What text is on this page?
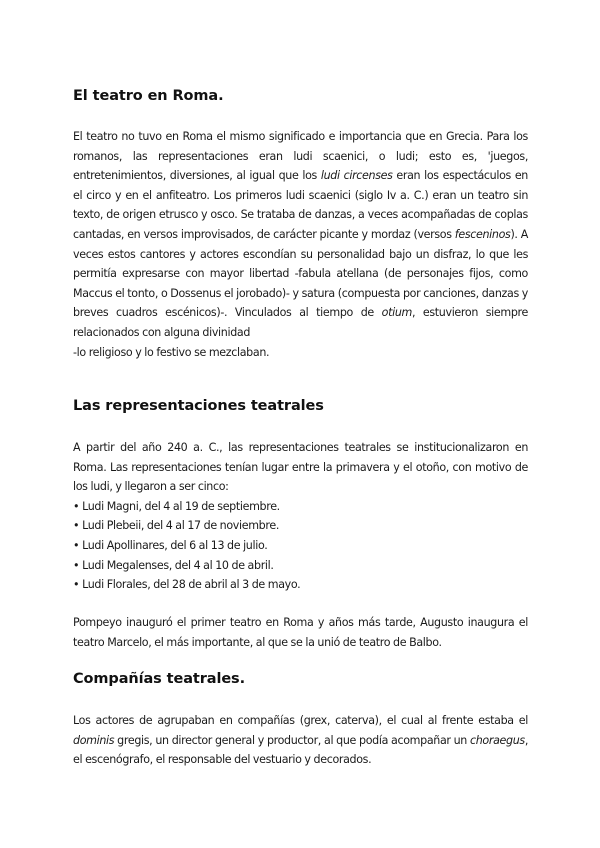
El teatro en Roma.

El teatro no tuvo en Roma el mismo significado e importancia que en Grecia. Para los romanos, las representaciones eran ludi scaenici, o ludi; esto es, 'juegos, entretenimientos, diversiones, al igual que los ludi circenses eran los espectáculos en el circo y en el anfiteatro. Los primeros ludi scaenici (siglo Iv a. C.) eran un teatro sin texto, de origen etrusco y osco. Se trataba de danzas, a veces acompañadas de coplas cantadas, en versos improvisados, de carácter picante y mordaz (versos fesceninos). A veces estos cantores y actores escondían su personalidad bajo un disfraz, lo que les permitía expresarse con mayor libertad -fabula atellana (de personajes fijos, como Maccus el tonto, o Dossenus el jorobado)- y satura (compuesta por canciones, danzas y breves cuadros escénicos)-. Vinculados al tiempo de otium, estuvieron siempre relacionados con alguna divinidad
-lo religioso y lo festivo se mezclaban.

Las representaciones teatrales

A partir del año 240 a. C., las representaciones teatrales se institucionalizaron en Roma. Las representaciones tenían lugar entre la primavera y el otoño, con motivo de los ludi, y llegaron a ser cinco:

• Ludi Magni, del 4 al 19 de septiembre.
• Ludi Plebeii, del 4 al 17 de noviembre.
• Ludi Apollinares, del 6 al 13 de julio.
• Ludi Megalenses, del 4 al 10 de abril.
• Ludi Florales, del 28 de abril al 3 de mayo.

Pompeyo inauguró el primer teatro en Roma y años más tarde, Augusto inaugura el teatro Marcelo, el más importante, al que se la unió de teatro de Balbo.

Compañías teatrales.

Los actores de agrupaban en compañías (grex, caterva), el cual al frente estaba el dominis gregis, un director general y productor, al que podía acompañar un choraegus, el escenógrafo, el responsable del vestuario y decorados.
